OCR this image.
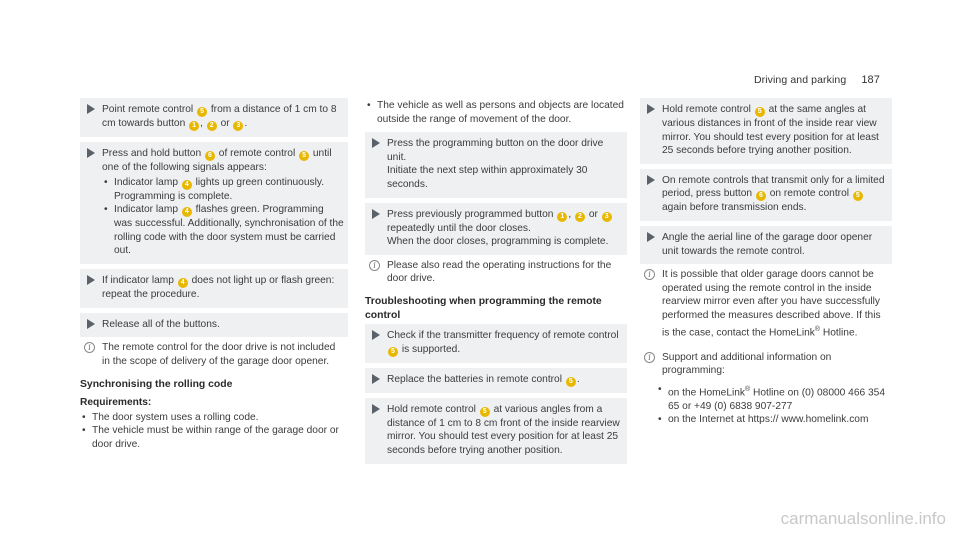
Driving and parking 187
Point remote control 5 from a distance of 1 cm to 8 cm towards button 1 , 2 or 3 .
Press and hold button 6 of remote control 5 until one of the following signals appears:
• Indicator lamp 4 lights up green continuously. Programming is complete.
• Indicator lamp 4 flashes green. Programming was successful. Additionally, synchronisation of the rolling code with the door system must be carried out.
If indicator lamp 4 does not light up or flash green: repeat the procedure.
Release all of the buttons.
i	The remote control for the door drive is not included in the scope of delivery of the garage door opener.
Synchronising the rolling code
Requirements:
• The door system uses a rolling code.
• The vehicle must be within range of the garage door or door drive.
• The vehicle as well as persons and objects are located outside the range of movement of the door.
Press the programming button on the door drive unit.
Initiate the next step within approximately 30 seconds.
Press previously programmed button 1 , 2 or 3 repeatedly until the door closes.
When the door closes, programming is complete.
i	Please also read the operating instructions for the door drive.
Troubleshooting when programming the remote control
Check if the transmitter frequency of remote control 5 is supported.
Replace the batteries in remote control 5 .
Hold remote control 5 at various angles from a distance of 1 cm to 8 cm front of the inside rearview mirror. You should test every position for at least 25 seconds before trying another position.
Hold remote control 5 at the same angles at various distances in front of the inside rear view mirror. You should test every position for at least 25 seconds before trying another position.
On remote controls that transmit only for a limited period, press button 6 on remote control 5 again before transmission ends.
Angle the aerial line of the garage door opener unit towards the remote control.
i	It is possible that older garage doors cannot be operated using the remote control in the inside rearview mirror even after you have successfully performed the measures described above. If this is the case, contact the HomeLink® Hotline.
i	Support and additional information on programming:
• on the HomeLink® Hotline on (0) 08000 466 354 65 or +49 (0) 6838 907-277
• on the Internet at https:// www.homelink.com
carmanualsonline.info
